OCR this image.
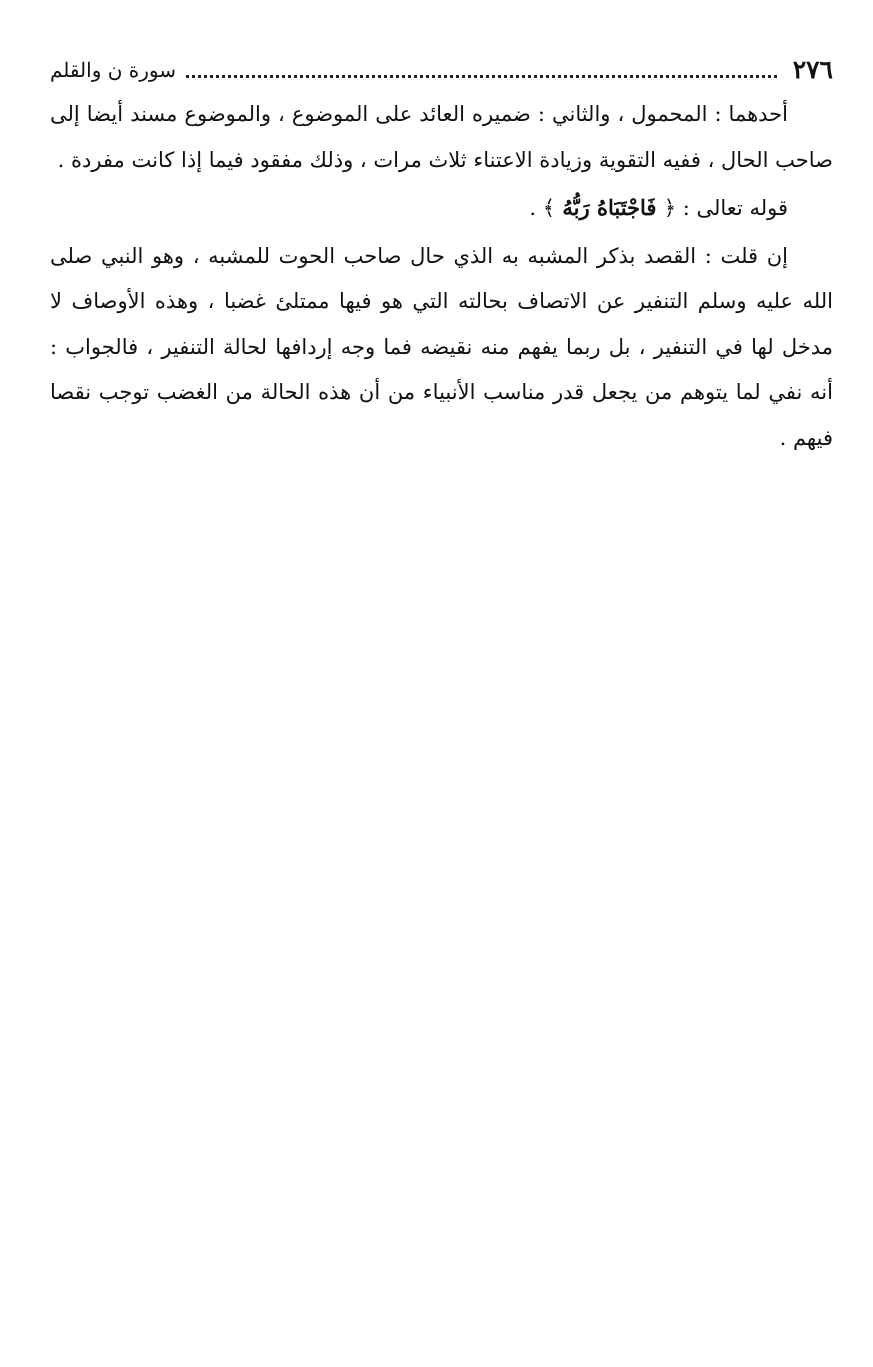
٢٧٦
سورة ن والقلم

أحدهما : المحمول ، والثاني : ضميره العائد على الموضوع ، والموضوع مسند أيضا إلى صاحب الحال ، ففيه التقوية وزيادة الاعتناء ثلاث مرات ، وذلك مفقود فيما إذا كانت مفردة .

قوله تعالى : ﴿ فَاجْتَبَاهُ رَبُّهُ ﴾ .

إن قلت : القصد بذكر المشبه به الذي حال صاحب الحوت للمشبه ، وهو النبي صلى الله عليه وسلم التنفير عن الاتصاف بحالته التي هو فيها ممتلئ غضبا ، وهذه الأوصاف لا مدخل لها في التنفير ، بل ربما يفهم منه نقيضه فما وجه إردافها لحالة التنفير ، فالجواب : أنه نفي لما يتوهم من يجعل قدر مناسب الأنبياء من أن هذه الحالة من الغضب توجب نقصا فيهم .
